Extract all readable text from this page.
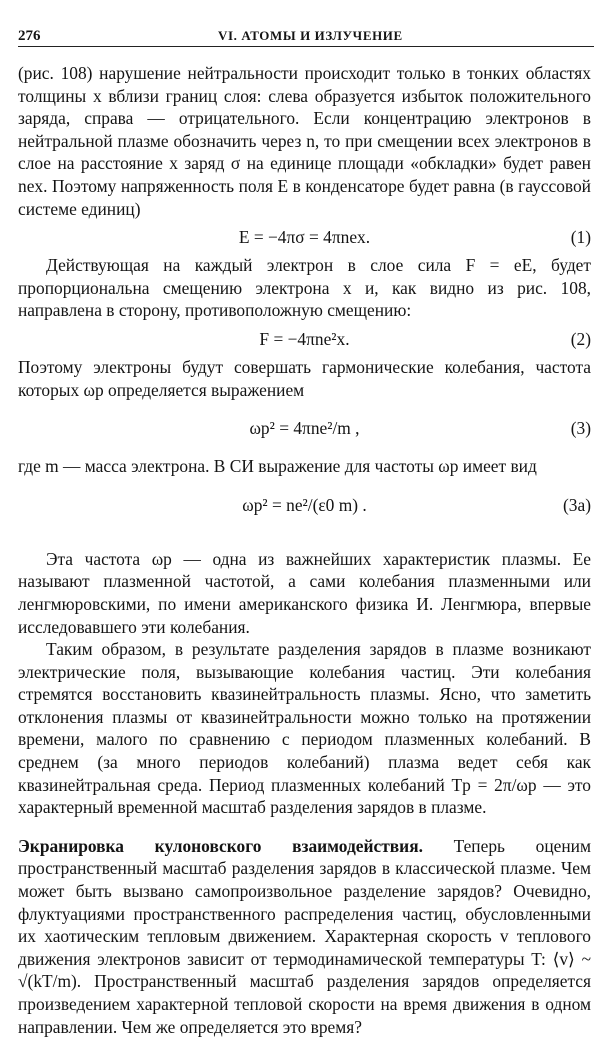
276	VI. АТОМЫ И ИЗЛУЧЕНИЕ

(рис. 108) нарушение нейтральности происходит только в тонких областях толщины x вблизи границ слоя: слева образуется избыток положительного заряда, справа — отрицательного. Если концентрацию электронов в нейтральной плазме обозначить через n, то при смещении всех электронов в слое на расстояние x заряд σ на единице площади «обкладки» будет равен nex. Поэтому напряженность поля E в конденсаторе будет равна (в гауссовой системе единиц)

E = −4πσ = 4πnex.	(1)

Действующая на каждый электрон в слое сила F = eE, будет пропорциональна смещению электрона x и, как видно из рис. 108, направлена в сторону, противоположную смещению:

F = −4πne²x.	(2)

Поэтому электроны будут совершать гармонические колебания, частота которых ωp определяется выражением

ωp² = 4πne²/m ,	(3)

где m — масса электрона. В СИ выражение для частоты ωp имеет вид

ωp² = ne²/(ε0 m) .	(3а)

Эта частота ωp — одна из важнейших характеристик плазмы. Ее называют плазменной частотой, а сами колебания плазменными или ленгмюровскими, по имени американского физика И. Ленгмюра, впервые исследовавшего эти колебания.

Таким образом, в результате разделения зарядов в плазме возникают электрические поля, вызывающие колебания частиц. Эти колебания стремятся восстановить квазинейтральность плазмы. Ясно, что заметить отклонения плазмы от квазинейтральности можно только на протяжении времени, малого по сравнению с периодом плазменных колебаний. В среднем (за много периодов колебаний) плазма ведет себя как квазинейтральная среда. Период плазменных колебаний Tp = 2π/ωp — это характерный временной масштаб разделения зарядов в плазме.

Экранировка кулоновского взаимодействия. Теперь оценим пространственный масштаб разделения зарядов в классической плазме. Чем может быть вызвано самопроизвольное разделение зарядов? Очевидно, флуктуациями пространственного распределения частиц, обусловленными их хаотическим тепловым движением. Характерная скорость v теплового движения электронов зависит от термодинамической температуры T: ⟨v⟩ ~ √(kT/m). Пространственный масштаб разделения зарядов определяется произведением характерной тепловой скорости на время движения в одном направлении. Чем же определяется это время?
